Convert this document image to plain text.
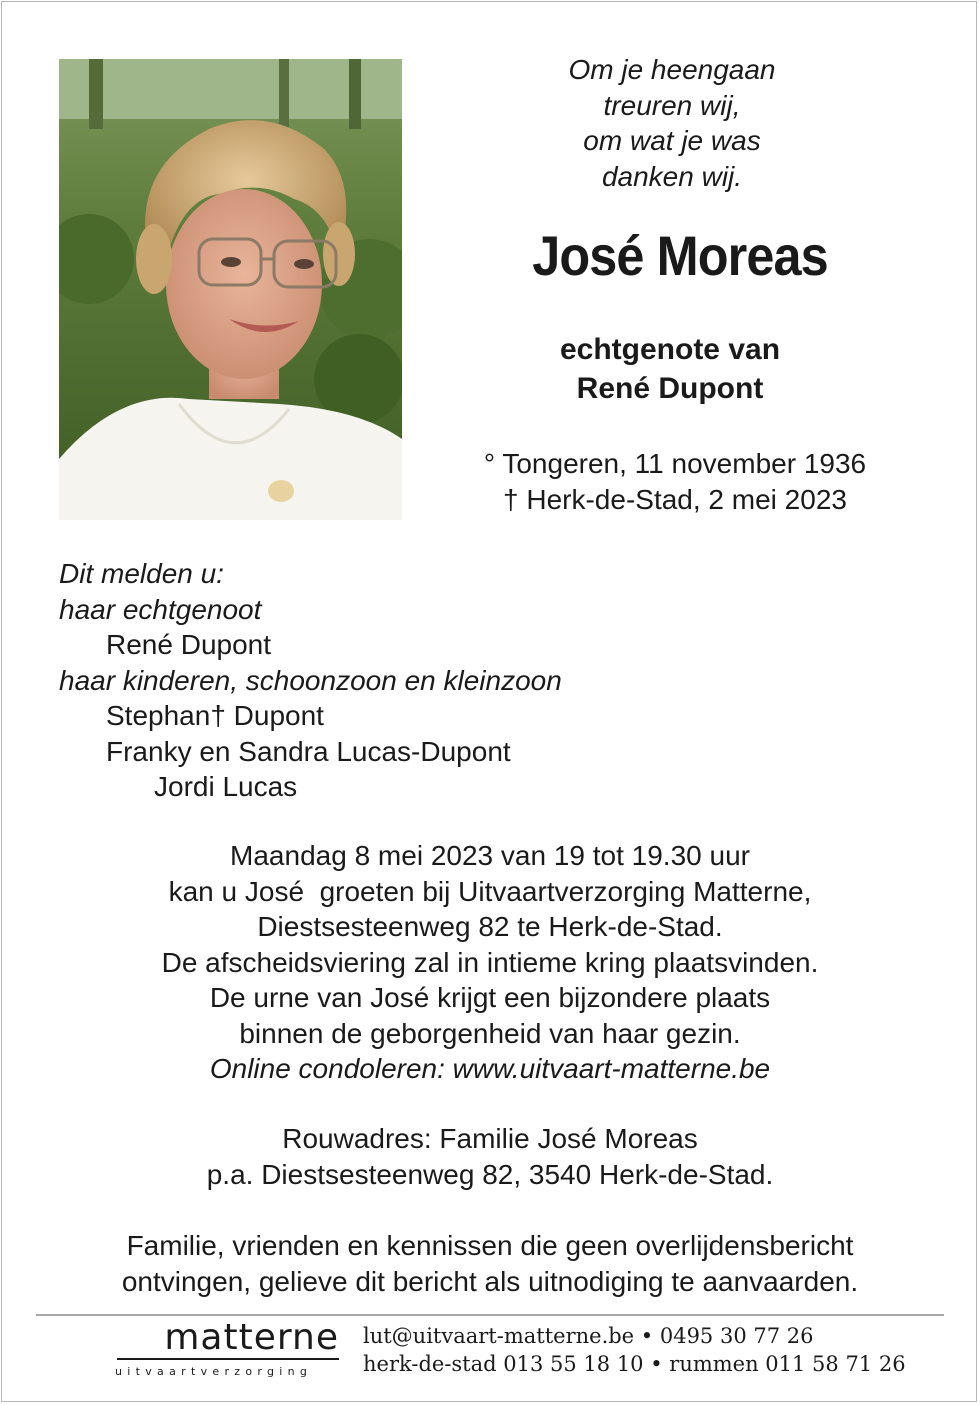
Om je heengaan
treuren wij,
om wat je was
danken wij.
José Moreas
echtgenote van
René Dupont
° Tongeren, 11 november 1936
† Herk-de-Stad, 2 mei 2023
Dit melden u:
haar echtgenoot
René Dupont
haar kinderen, schoonzoon en kleinzoon
Stephan† Dupont
Franky en Sandra Lucas-Dupont
Jordi Lucas
Maandag 8 mei 2023 van 19 tot 19.30 uur
kan u José  groeten bij Uitvaartverzorging Matterne,
Diestsesteenweg 82 te Herk-de-Stad.
De afscheidsviering zal in intieme kring plaatsvinden.
De urne van José krijgt een bijzondere plaats
binnen de geborgenheid van haar gezin.
Online condoleren: www.uitvaart-matterne.be
Rouwadres: Familie José Moreas
p.a. Diestsesteenweg 82, 3540 Herk-de-Stad.
Familie, vrienden en kennissen die geen overlijdensbericht
ontvingen, gelieve dit bericht als uitnodiging te aanvaarden.
matterne
uitvaartverzorging
lut@uitvaart-matterne.be • 0495 30 77 26
herk-de-stad 013 55 18 10 • rummen 011 58 71 26
